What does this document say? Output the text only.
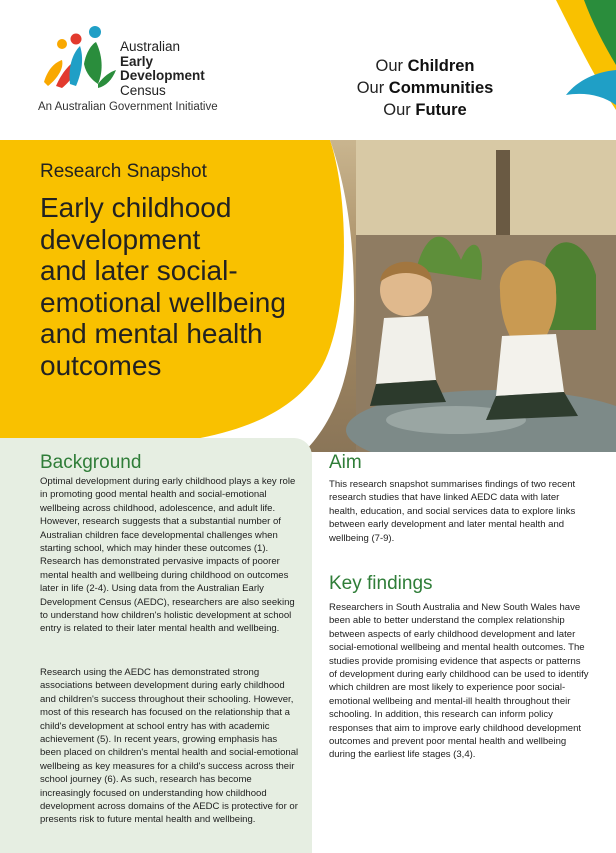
Australian
Early
Development
Census
An Australian Government Initiative
Our Children
Our Communities
Our Future
Research Snapshot
Early childhood
development
and later social-
emotional wellbeing
and mental health
outcomes
Background
Optimal development during early childhood plays a key role in promoting good mental health and social-emotional wellbeing across childhood, adolescence, and adult life. However, research suggests that a substantial number of Australian children face developmental challenges when starting school, which may hinder these outcomes (1). Research has demonstrated pervasive impacts of poorer mental health and wellbeing during childhood on outcomes later in life (2-4). Using data from the Australian Early Development Census (AEDC), researchers are also seeking to understand how children's holistic development at school entry is related to their later mental health and wellbeing.
Research using the AEDC has demonstrated strong associations between development during early childhood and children's success throughout their schooling. However, most of this research has focused on the relationship that a child's development at school entry has with academic achievement (5). In recent years, growing emphasis has been placed on children's mental health and social-emotional wellbeing as key measures for a child's success across their school journey (6). As such, research has become increasingly focused on understanding how childhood development across domains of the AEDC is protective for or presents risk to future mental health and wellbeing.
Aim
This research snapshot summarises findings of two recent research studies that have linked AEDC data with later health, education, and social services data to explore links between early development and later mental health and wellbeing (7-9).
Key findings
Researchers in South Australia and New South Wales have been able to better understand the complex relationship between aspects of early childhood development and later social-emotional wellbeing and mental health outcomes. The studies provide promising evidence that aspects or patterns of development during early childhood can be used to identify which children are most likely to experience poor social-emotional wellbeing and mental-ill health throughout their schooling. In addition, this research can inform policy responses that aim to improve early childhood development outcomes and prevent poor mental health and wellbeing during the earliest life stages (3,4).
